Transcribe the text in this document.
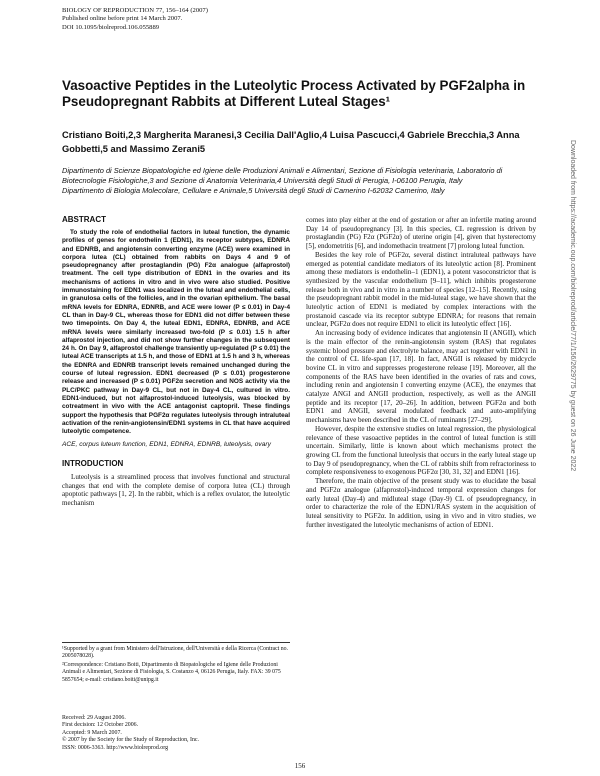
BIOLOGY OF REPRODUCTION 77, 156–164 (2007)
Published online before print 14 March 2007.
DOI 10.1095/biolreprod.106.055889
Vasoactive Peptides in the Luteolytic Process Activated by PGF2alpha in Pseudopregnant Rabbits at Different Luteal Stages¹
Cristiano Boiti,2,3 Margherita Maranesi,3 Cecilia Dall'Aglio,4 Luisa Pascucci,4 Gabriele Brecchia,3 Anna Gobbetti,5 and Massimo Zerani5
Dipartimento di Scienze Biopatologiche ed Igiene delle Produzioni Animali e Alimentari, Sezione di Fisiologia veterinaria, Laboratorio di Biotecnologie Fisiologiche,3 and Sezione di Anatomia Veterinaria,4 Università degli Studi di Perugia, I-06100 Perugia, Italy
Dipartimento di Biologia Molecolare, Cellulare e Animale,5 Università degli Studi di Camerino I-62032 Camerino, Italy
ABSTRACT

To study the role of endothelial factors in luteal function, the dynamic profiles of genes for endothelin 1 (EDN1), its receptor subtypes, EDNRA and EDNRB, and angiotensin converting enzyme (ACE) were examined in corpora lutea (CL) obtained from rabbits on Days 4 and 9 of pseudopregnancy after prostaglandin (PG) F2α analogue (alfaprostol) treatment. The cell type distribution of EDN1 in the ovaries and its mechanisms of actions in vitro and in vivo were also studied. Positive immunostaining for EDN1 was localized in the luteal and endothelial cells, in granulosa cells of the follicles, and in the ovarian epithelium. The basal mRNA levels for EDNRA, EDNRB, and ACE were lower (P ≤ 0.01) in Day-4 CL than in Day-9 CL, whereas those for EDN1 did not differ between these two timepoints. On Day 4, the luteal EDN1, EDNRA, EDNRB, and ACE mRNA levels were similarly increased two-fold (P ≤ 0.01) 1.5 h after alfaprostol injection, and did not show further changes in the subsequent 24 h. On Day 9, alfaprostol challenge transiently up-regulated (P ≤ 0.01) the luteal ACE transcripts at 1.5 h, and those of EDN1 at 1.5 h and 3 h, whereas the EDNRA and EDNRB transcript levels remained unchanged during the course of luteal regression. EDN1 decreased (P ≤ 0.01) progesterone release and increased (P ≤ 0.01) PGF2α secretion and NOS activity via the PLC/PKC pathway in Day-9 CL, but not in Day-4 CL, cultured in vitro. EDN1-induced, but not alfaprostol-induced luteolysis, was blocked by cotreatment in vivo with the ACE antagonist captopril. These findings support the hypothesis that PGF2α regulates luteolysis through intraluteal activation of the renin-angiotensin/EDN1 systems in CL that have acquired luteolytic competence.

ACE, corpus luteum function, EDN1, EDNRA, EDNRB, luteolysis, ovary

INTRODUCTION

Luteolysis is a streamlined process that involves functional and structural changes that end with the complete demise of corpora lutea (CL) through apoptotic pathways [1, 2]. In the rabbit, which is a reflex ovulator, the luteolytic mechanism

¹Supported by a grant from Ministero dell'Istruzione, dell'Università e della Ricerca (Contract no. 2005078028).
²Correspondence: Cristiano Boiti, Dipartimento di Biopatologiche ed Igiene delle Produzioni Animali e Alimentari, Sezione di Fisiologia, S. Costanzo 4, 06126 Perugia, Italy. FAX: 39 075 5857654; e-mail: cristiano.boiti@unipg.it
Received: 29 August 2006.
First decision: 12 October 2006.
Accepted: 9 March 2007.
© 2007 by the Society for the Study of Reproduction, Inc.
ISSN: 0006-3363. http://www.biolreprod.org

comes into play either at the end of gestation or after an infertile mating around Day 14 of pseudopregnancy [3]. In this species, CL regression is driven by prostaglandin (PG) F2α (PGF2α) of uterine origin [4], given that hysterectomy [5], endometritis [6], and indomethacin treatment [7] prolong luteal function.

Besides the key role of PGF2α, several distinct intraluteal pathways have emerged as potential candidate mediators of its luteolytic action [8]. Prominent among these mediators is endothelin–1 (EDN1), a potent vasoconstrictor that is synthesized by the vascular endothelium [9–11], which inhibits progesterone release both in vivo and in vitro in a number of species [12–15]. Recently, using the pseudopregnant rabbit model in the mid-luteal stage, we have shown that the luteolytic action of EDN1 is mediated by complex interactions with the prostanoid cascade via its receptor subtype EDNRA; for reasons that remain unclear, PGF2α does not require EDN1 to elicit its luteolytic effect [16].

An increasing body of evidence indicates that angiotensin II (ANGII), which is the main effector of the renin-angiotensin system (RAS) that regulates systemic blood pressure and electrolyte balance, may act together with EDN1 in the control of CL life-span [17, 18]. In fact, ANGII is released by midcycle bovine CL in vitro and suppresses progesterone release [19]. Moreover, all the components of the RAS have been identified in the ovaries of rats and cows, including renin and angiotensin I converting enzyme (ACE), the enzymes that catalyze ANGI and ANGII production, respectively, as well as the ANGII peptide and its receptor [17, 20–26]. In addition, between PGF2α and both EDN1 and ANGII, several modulated feedback and auto-amplifying mechanisms have been described in the CL of ruminants [27–29].

However, despite the extensive studies on luteal regression, the physiological relevance of these vasoactive peptides in the control of luteal function is still uncertain. Similarly, little is known about which mechanisms protect the growing CL from the functional luteolysis that occurs in the early luteal stage up to Day 9 of pseudopregnancy, when the CL of rabbits shift from refractoriness to complete responsiveness to exogenous PGF2α [30, 31, 32] and EDN1 [16].

Therefore, the main objective of the present study was to elucidate the basal and PGF2α analogue (alfaprostol)-induced temporal expression changes for early luteal (Day-4) and midluteal stage (Day-9) CL of pseudopregnancy, in order to characterize the role of the EDN1/RAS system in the acquisition of luteal sensitivity to PGF2α. In addition, using in vivo and in vitro studies, we further investigated the luteolytic mechanisms of action of EDN1.

156
Downloaded from https://academic.oup.com/biolreprod/article/77/1/156/2629775 by guest on 26 June 2022
